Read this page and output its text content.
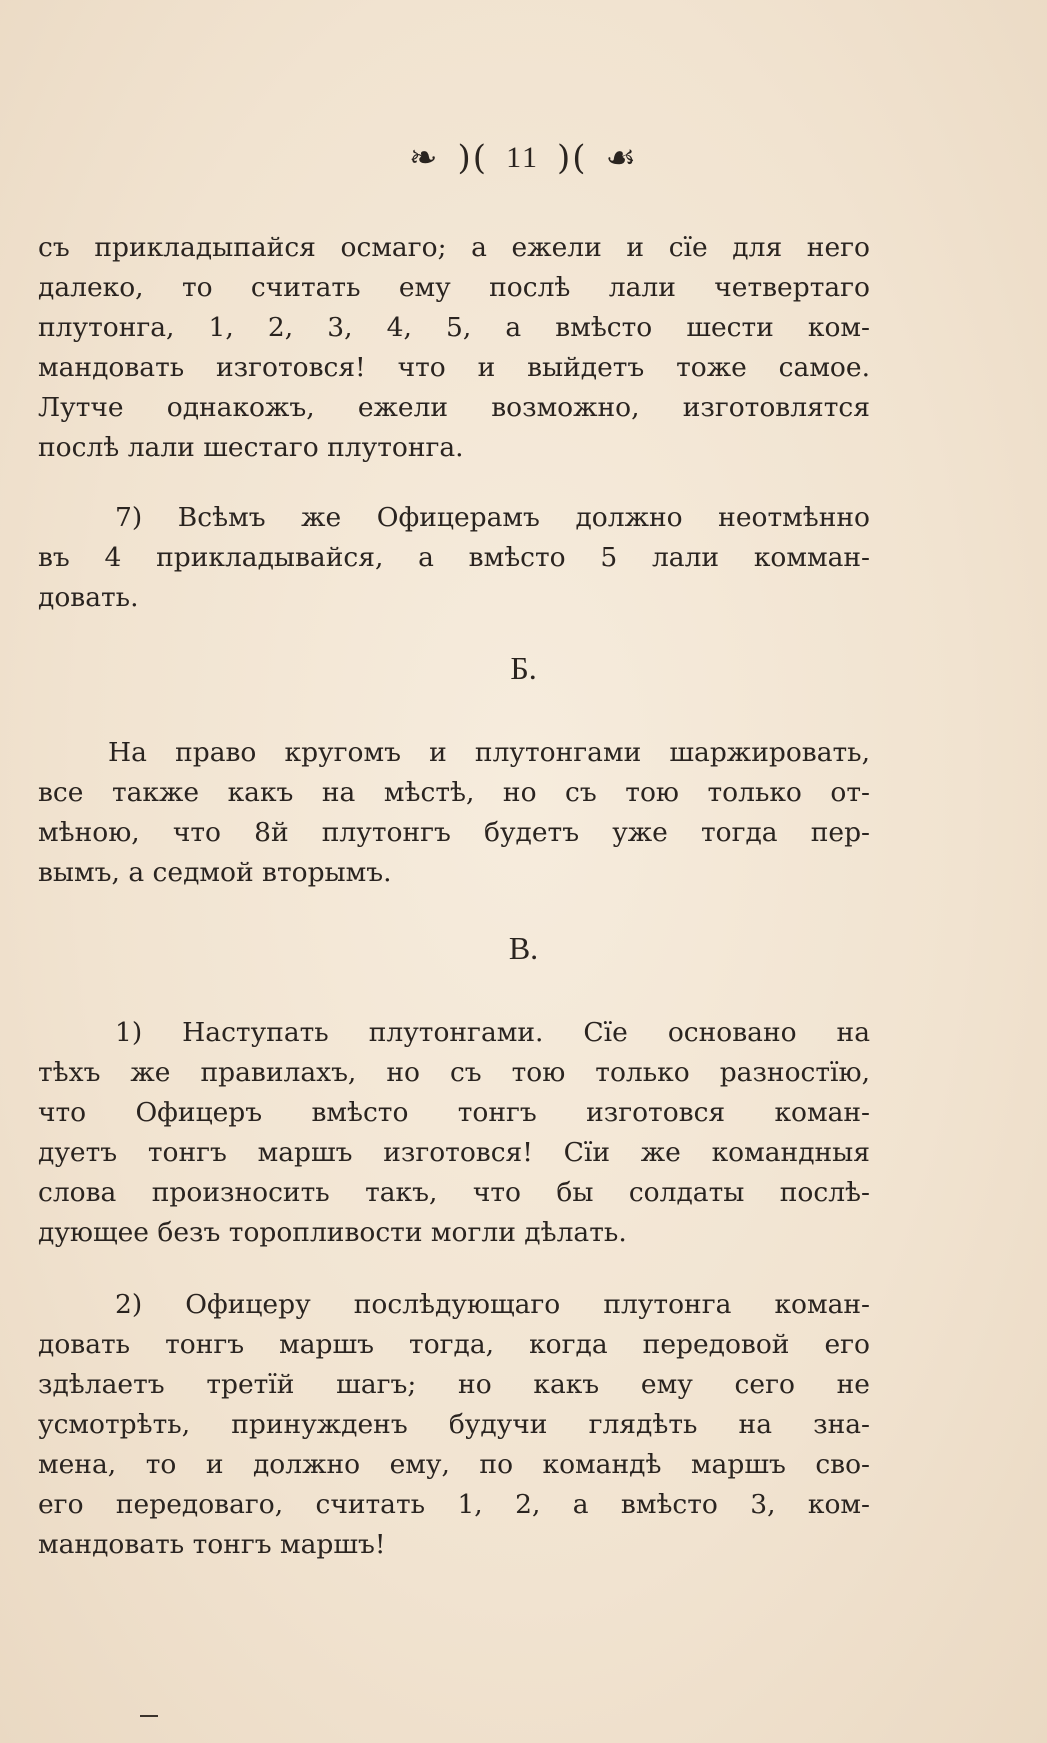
❧ )( 11 )( ☙
съ прикладыпайся осмаго; а ежели и сїе для него
далеко, то считать ему послѣ лали четвертаго
плутонга, 1, 2, 3, 4, 5, а вмѣсто шести ком-
мандовать изготовся! что и выйдетъ тоже самое.
Лутче однакожъ, ежели возможно, изготовлятся
послѣ лали шестаго плутонга.
7) Всѣмъ же Офицерамъ должно неотмѣнно
въ 4 прикладывайся, а вмѣсто 5 лали комман-
довать.
Б.
На право кругомъ и плутонгами шаржировать,
все также какъ на мѣстѣ, но съ тою только от-
мѣною, что 8й плутонгъ будетъ уже тогда пер-
вымъ, а седмой вторымъ.
В.
1) Наступать плутонгами. Сїе основано на
тѣхъ же правилахъ, но съ тою только разностїю,
что Офицеръ вмѣсто тонгъ изготовся коман-
дуетъ тонгъ маршъ изготовся! Сїи же командныя
слова произносить такъ, что бы солдаты послѣ-
дующее безъ торопливости могли дѣлать.
2) Офицеру послѣдующаго плутонга коман-
довать тонгъ маршъ тогда, когда передовой его
здѣлаетъ третїй шагъ; но какъ ему сего не
усмотрѣть, принужденъ будучи глядѣть на зна-
мена, то и должно ему, по командѣ маршъ сво-
его передоваго, считать 1, 2, а вмѣсто 3, ком-
мандовать тонгъ маршъ!
